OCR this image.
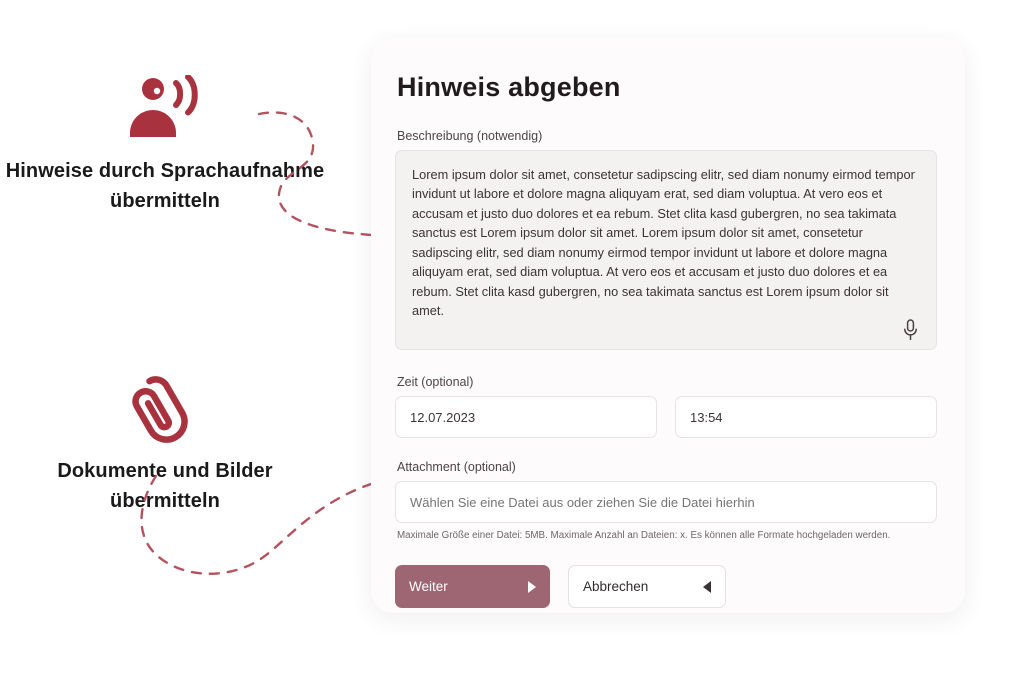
Hinweise durch Sprachaufnahme übermitteln
Dokumente und Bilder übermitteln
Hinweis abgeben
Beschreibung (notwendig)
Lorem ipsum dolor sit amet, consetetur sadipscing elitr, sed diam nonumy eirmod tempor invidunt ut labore et dolore magna aliquyam erat, sed diam voluptua. At vero eos et accusam et justo duo dolores et ea rebum. Stet clita kasd gubergren, no sea takimata sanctus est Lorem ipsum dolor sit amet. Lorem ipsum dolor sit amet, consetetur sadipscing elitr, sed diam nonumy eirmod tempor invidunt ut labore et dolore magna aliquyam erat, sed diam voluptua. At vero eos et accusam et justo duo dolores et ea rebum. Stet clita kasd gubergren, no sea takimata sanctus est Lorem ipsum dolor sit amet.
Zeit (optional)
12.07.2023
13:54
Attachment (optional)
Wählen Sie eine Datei aus oder ziehen Sie die Datei hierhin
Maximale Größe einer Datei: 5MB. Maximale Anzahl an Dateien: x. Es können alle Formate hochgeladen werden.
Weiter	Abbrechen
